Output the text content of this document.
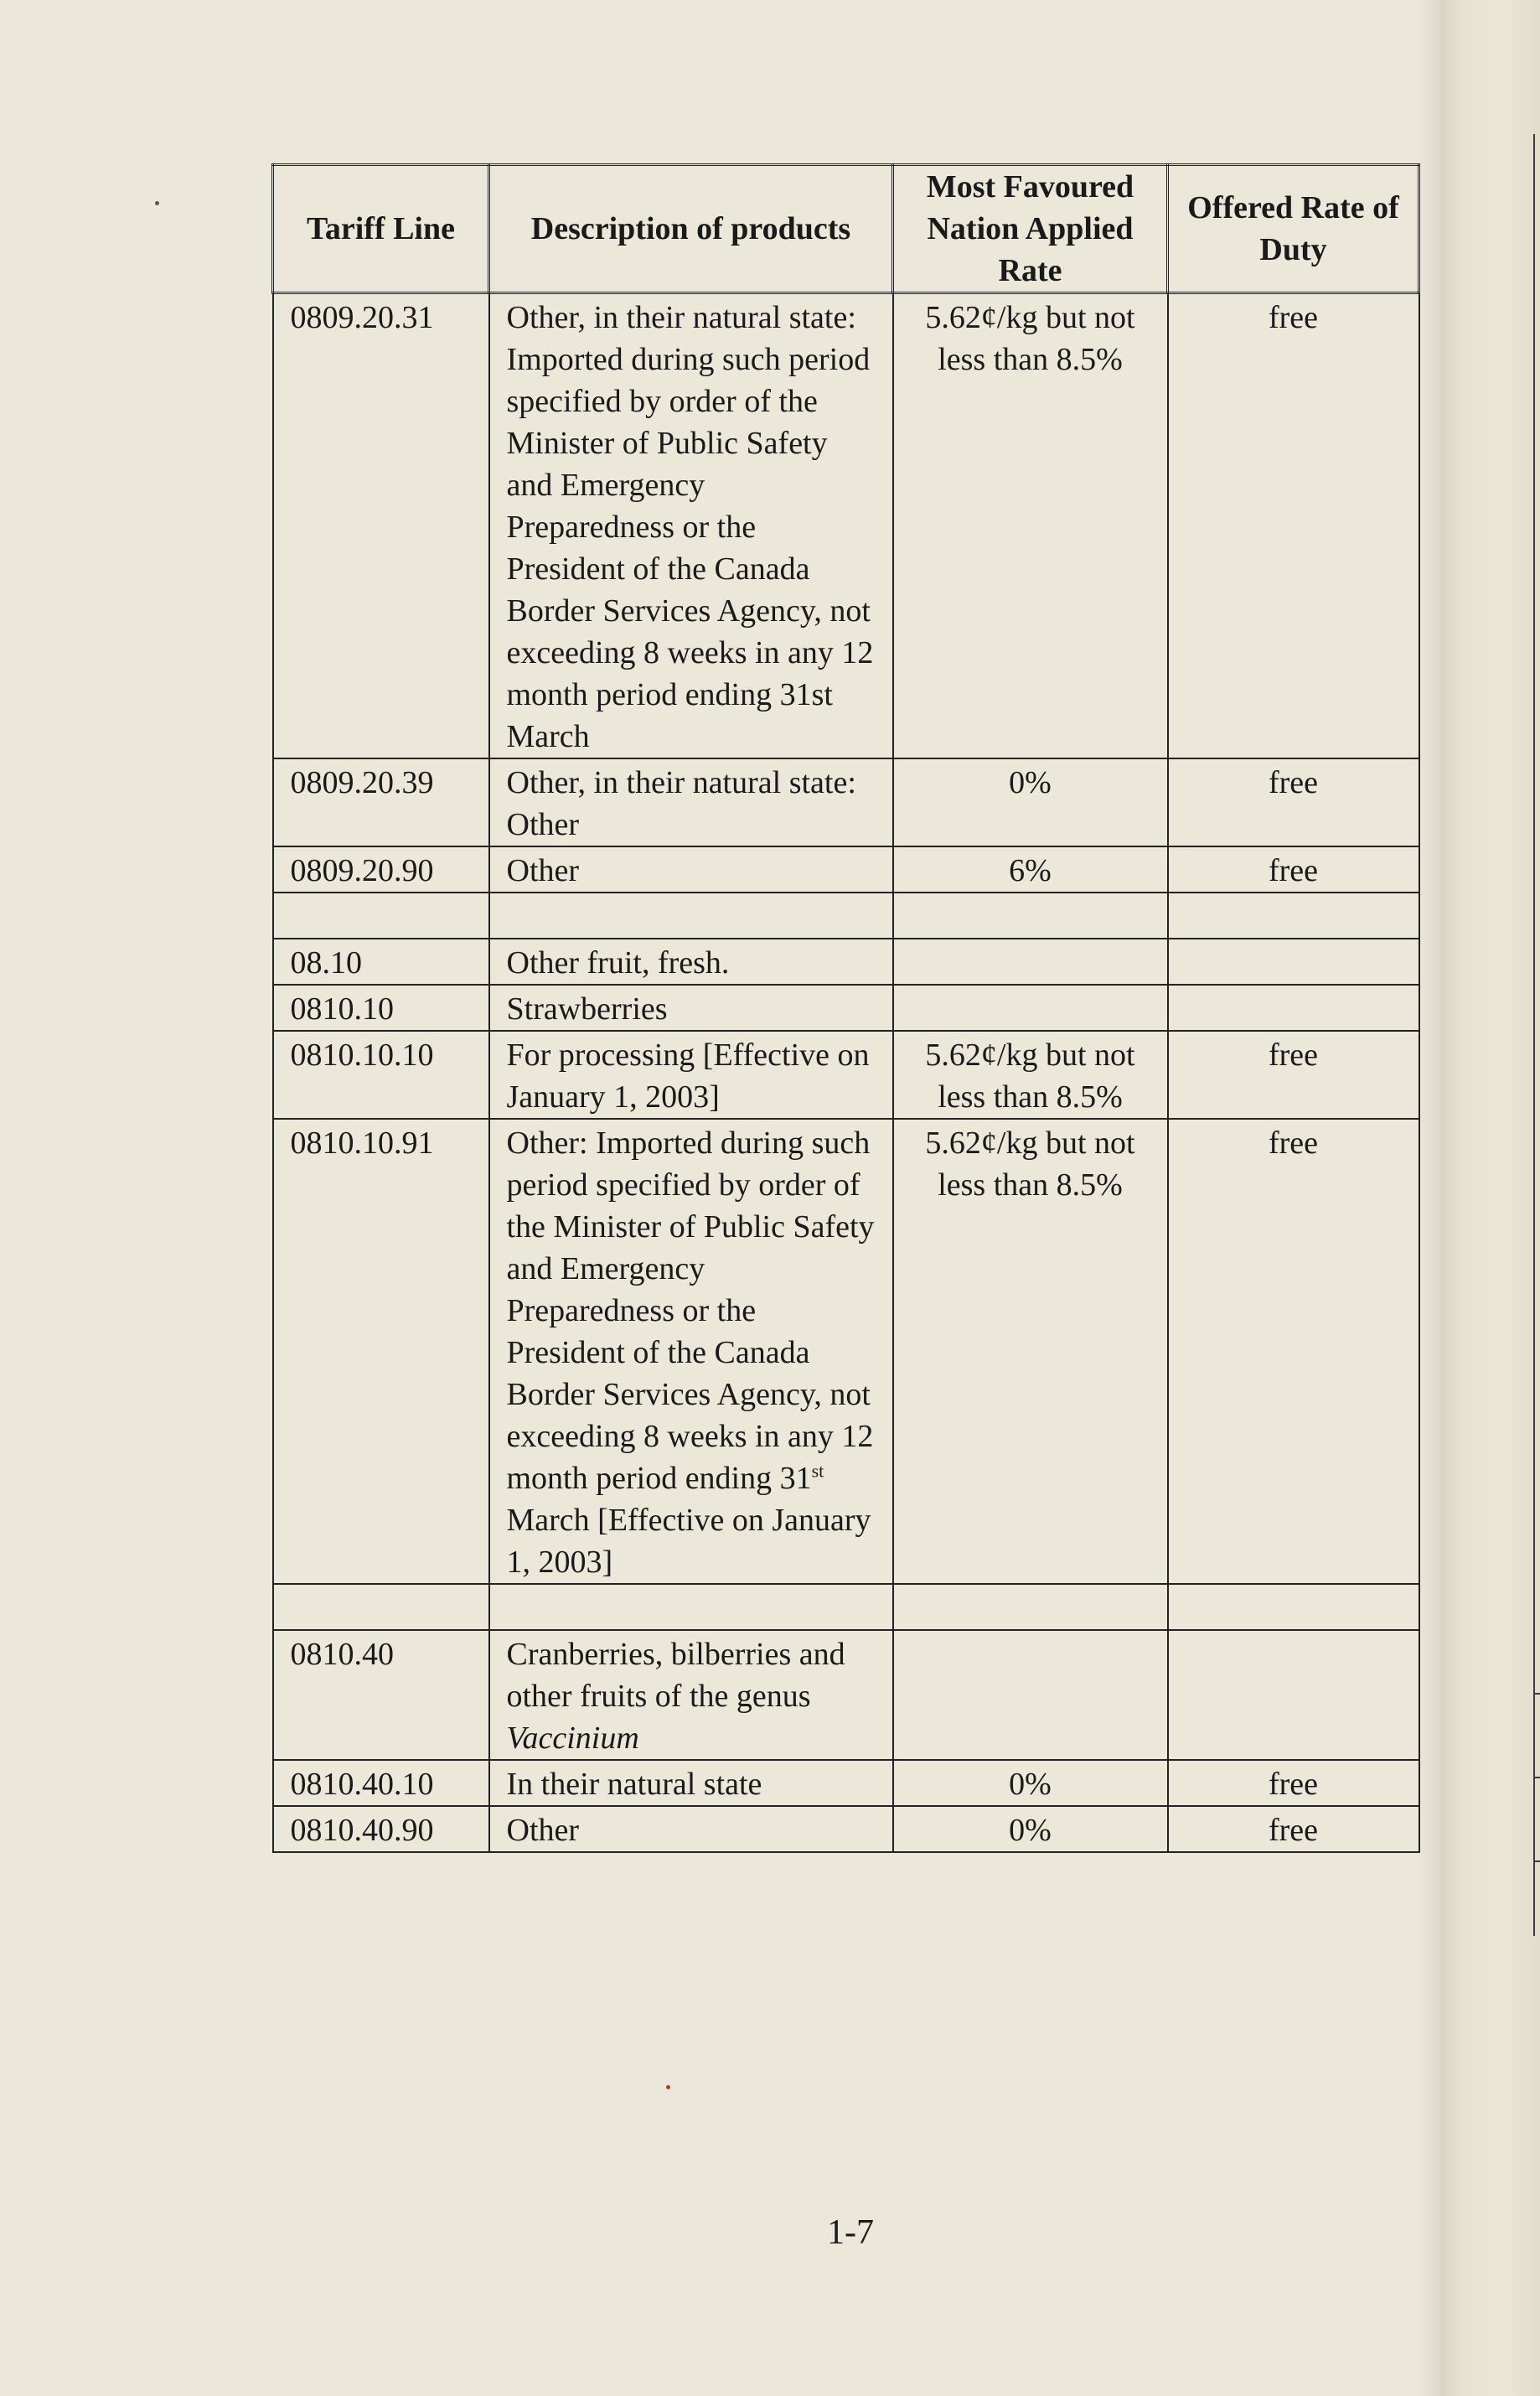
Tariff Line	Description of products	Most Favoured Nation Applied Rate	Offered Rate of Duty
0809.20.31	Other, in their natural state: Imported during such period specified by order of the Minister of Public Safety and Emergency Preparedness or the President of the Canada Border Services Agency, not exceeding 8 weeks in any 12 month period ending 31st March	5.62¢/kg but not less than 8.5%	free
0809.20.39	Other, in their natural state: Other	0%	free
0809.20.90	Other	6%	free

08.10	Other fruit, fresh.		
0810.10	Strawberries		
0810.10.10	For processing [Effective on January 1, 2003]	5.62¢/kg but not less than 8.5%	free
0810.10.91	Other: Imported during such period specified by order of the Minister of Public Safety and Emergency Preparedness or the President of the Canada Border Services Agency, not exceeding 8 weeks in any 12 month period ending 31st March [Effective on January 1, 2003]	5.62¢/kg but not less than 8.5%	free

0810.40	Cranberries, bilberries and other fruits of the genus Vaccinium		
0810.40.10	In their natural state	0%	free
0810.40.90	Other	0%	free
1-7
